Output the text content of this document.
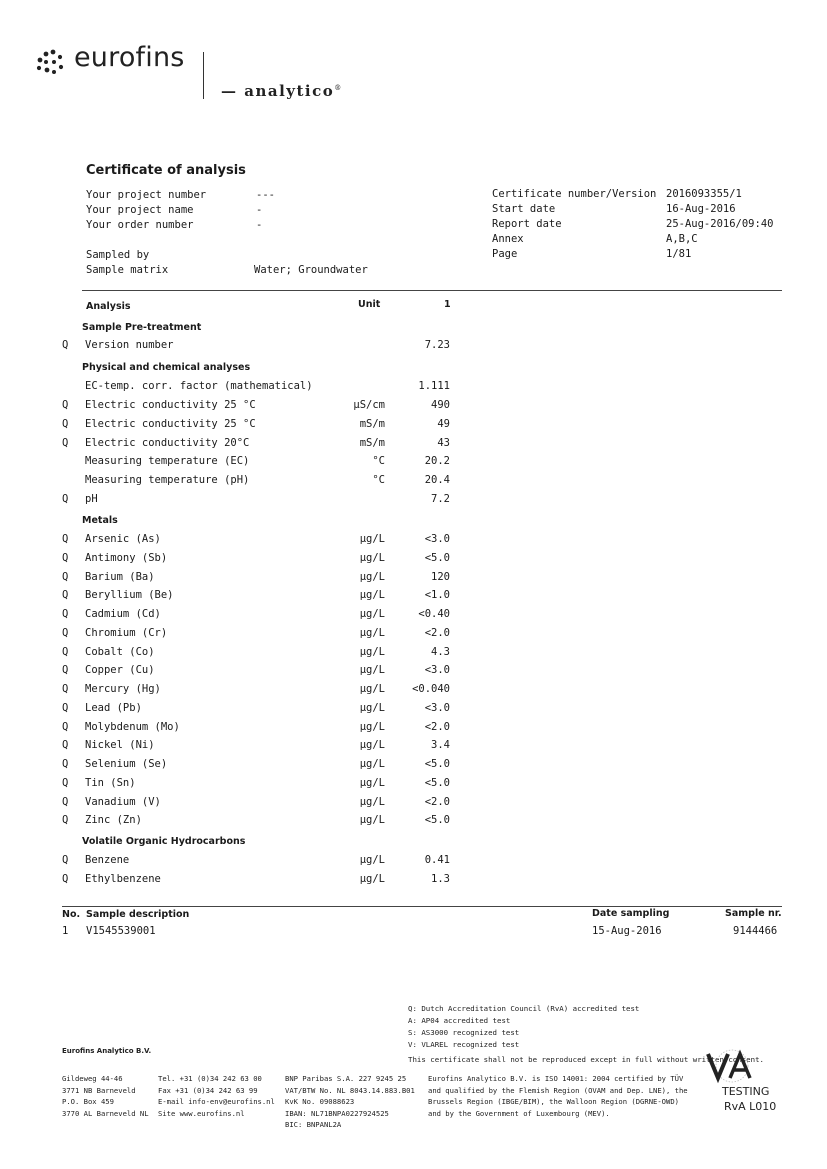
eurofins
— analytico®
Certificate of analysis
Your project number	---
Your project name	-
Your order number	-
Sampled by
Sample matrix	Water; Groundwater
Certificate number/Version 2016093355/1
Start date	16-Aug-2016
Report date	25-Aug-2016/09:40
Annex	A,B,C
Page	1/81
Analysis	Unit	1
Sample Pre-treatment
Q Version number	7.23
Physical and chemical analyses
EC-temp. corr. factor (mathematical)	1.111
Q Electric conductivity 25 °C	µS/cm	490
Q Electric conductivity 25 °C	mS/m	49
Q Electric conductivity 20°C	mS/m	43
Measuring temperature (EC)	°C	20.2
Measuring temperature (pH)	°C	20.4
Q pH	7.2
Metals
Q Arsenic (As)	µg/L	<3.0
Q Antimony (Sb)	µg/L	<5.0
Q Barium (Ba)	µg/L	120
Q Beryllium (Be)	µg/L	<1.0
Q Cadmium (Cd)	µg/L	<0.40
Q Chromium (Cr)	µg/L	<2.0
Q Cobalt (Co)	µg/L	4.3
Q Copper (Cu)	µg/L	<3.0
Q Mercury (Hg)	µg/L	<0.040
Q Lead (Pb)	µg/L	<3.0
Q Molybdenum (Mo)	µg/L	<2.0
Q Nickel (Ni)	µg/L	3.4
Q Selenium (Se)	µg/L	<5.0
Q Tin (Sn)	µg/L	<5.0
Q Vanadium (V)	µg/L	<2.0
Q Zinc (Zn)	µg/L	<5.0
Volatile Organic Hydrocarbons
Q Benzene	µg/L	0.41
Q Ethylbenzene	µg/L	1.3
No. Sample description	Date sampling	Sample nr.
1 V1545539001	15-Aug-2016	9144466
Q: Dutch Accreditation Council (RvA) accredited test
A: AP04 accredited test
S: AS3000 recognized test
V: VLAREL recognized test
This certificate shall not be reproduced except in full without written consent.
Eurofins Analytico B.V.
Gildeweg 44-46
3771 NB Barneveld
P.O. Box 459
3770 AL Barneveld NL
Tel. +31 (0)34 242 63 00
Fax +31 (0)34 242 63 99
E-mail info-env@eurofins.nl
Site www.eurofins.nl
BNP Paribas S.A. 227 9245 25
VAT/BTW No. NL 8043.14.883.B01
KvK No. 09088623
IBAN: NL71BNPA0227924525
BIC: BNPANL2A
Eurofins Analytico B.V. is ISO 14001: 2004 certified by TÜV
and qualified by the Flemish Region (OVAM and Dep. LNE), the
Brussels Region (IBGE/BIM), the Walloon Region (DGRNE-OWD)
and by the Government of Luxembourg (MEV).
TESTING
RvA L010
